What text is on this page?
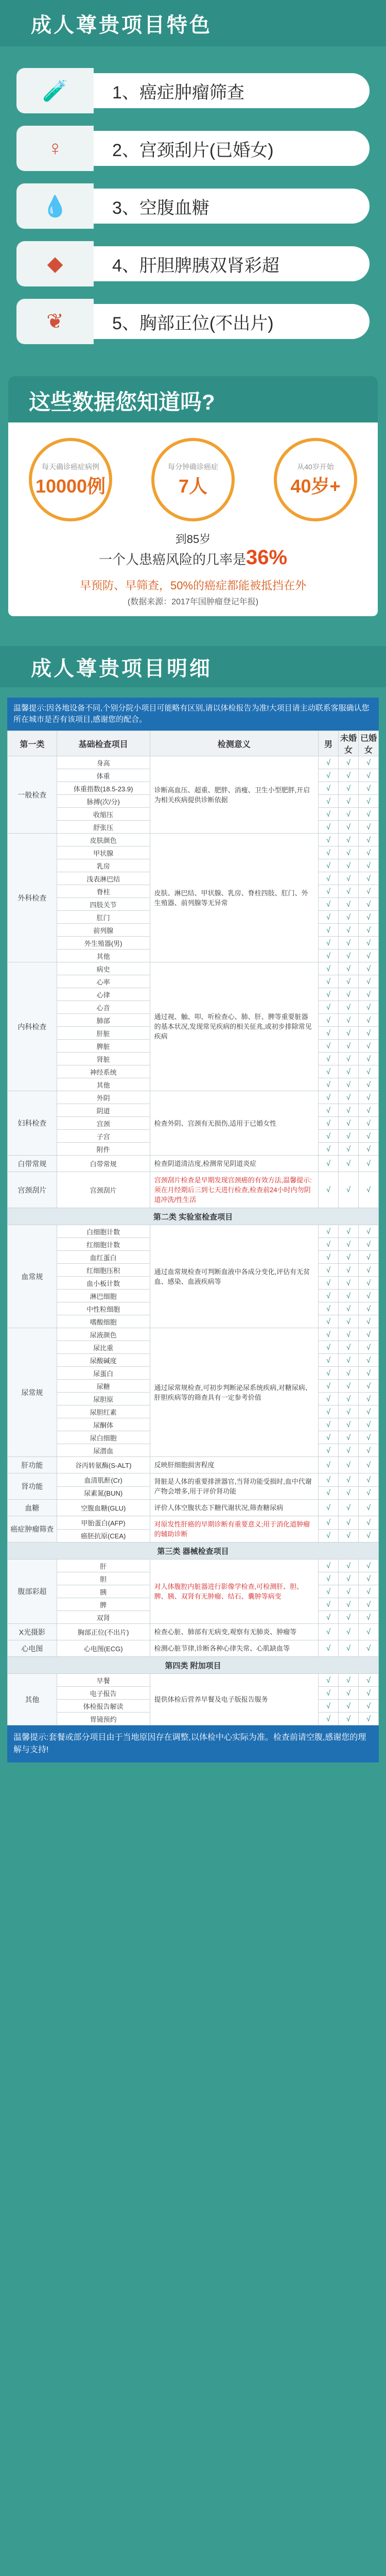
成人尊贵项目特色
🧪	1、癌症肿瘤筛查
♀	2、宫颈刮片(已婚女)
💧	3、空腹血糖
◆	4、肝胆脾胰双肾彩超
❦	5、胸部正位(不出片)
这些数据您知道吗?
每天确诊癌症病例
10000例
每分钟确诊癌症
7人
从40岁开始
40岁+
到85岁
一个人患癌风险的几率是36%
早预防、早筛查，50%的癌症都能被抵挡在外
(数据来源：2017年国肿瘤登记年报)
成人尊贵项目明细
温馨提示:因各地设备不同,个别分院小项目可能略有区别,请以体检报告为准!大项目请主动联系客服确认您所在城市是否有该项目,感谢您的配合。
第一类	基础检查项目	检测意义	男	未婚女	已婚女
一般检查	身高	诊断高血压、超重、肥胖、消瘦、卫生小型肥胖,开启为相关疾病提供诊断依据	√	√	√
	体重		√	√	√
	体重指数(18.5-23.9)		√	√	√
	脉搏(次/分)		√	√	√
	收缩压		√	√	√
	舒张压		√	√	√
外科检查	皮肤颜色	皮肤、淋巴结、甲状腺、乳房、脊柱四肢、肛门、外生殖器、前列腺等无异常	√	√	√
	甲状腺		√	√	√
	乳房		√	√	√
	浅表淋巴结		√	√	√
	脊柱		√	√	√
	四肢关节		√	√	√
	肛门		√	√	√
	前列腺		√	√	√
	外生殖器(男)		√	√	√
	其他		√	√	√
内科检查	病史	通过视、触、叩、听检查心、肺、肝、脾等重要脏器的基本状况,发现常见疾病的相关征兆,或初步排除常见疾病	√	√	√
	心率		√	√	√
	心律		√	√	√
	心音		√	√	√
	肺部		√	√	√
	肝脏		√	√	√
	脾脏		√	√	√
	肾脏		√	√	√
	神经系统		√	√	√
	其他		√	√	√
妇科检查	外阴	检查外阴、宫颈有无损伤,适用于已婚女性	√	√	√
	阴道		√	√	√
	宫颈		√	√	√
	子宫		√	√	√
	附件		√	√	√
白带常规	白带常规	检查阴道清洁度,检测常见阴道炎症	√	√	√
宫颈刮片	宫颈刮片	宫颈刮片检查是早期发现宫颈癌的有效方法,温馨提示:须在月经期后三到七天进行检查,检查前24小时内勿阴道冲洗/性生活	√	√	√
第二类 实验室检查项目					
血常规	白细胞计数	通过血常规检查可判断血液中各成分变化,评估有无贫血、感染、血液疾病等	√	√	√
	红细胞计数		√	√	√
	血红蛋白		√	√	√
	红细胞压积		√	√	√
	血小板计数		√	√	√
	淋巴细胞		√	√	√
	中性粒细胞		√	√	√
	嗜酸细胞		√	√	√
尿常规	尿液颜色	通过尿常规检查,可初步判断泌尿系统疾病,对糖尿病、肝胆疾病等的筛查具有一定参考价值	√	√	√
	尿比重		√	√	√
	尿酸碱度		√	√	√
	尿蛋白		√	√	√
	尿糖		√	√	√
	尿胆原		√	√	√
	尿胆红素		√	√	√
	尿酮体		√	√	√
	尿白细胞		√	√	√
	尿潜血		√	√	√
肝功能	谷丙转氨酶(S-ALT)	反映肝细胞损害程度	√	√	√
肾功能	血清肌酐(Cr)	肾脏是人体的重要排泄器官,当肾功能受损时,血中代谢产物会增多,用于评价肾功能	√	√	√
	尿素氮(BUN)		√	√	√
血糖	空腹血糖(GLU)	评价人体空腹状态下糖代谢状况,筛查糖尿病	√	√	√
癌症肿瘤筛查	甲胎蛋白(AFP)	对原发性肝癌的早期诊断有重要意义;用于消化道肿瘤的辅助诊断	√	√	√
	癌胚抗原(CEA)		√	√	√
第三类 器械检查项目					
腹部彩超	肝	对人体腹腔内脏器进行影像学检查,可检测肝、胆、脾、胰、双肾有无肿瘤、结石、囊肿等病变	√	√	√
	胆		√	√	√
	胰		√	√	√
	脾		√	√	√
	双肾		√	√	√
X光摄影	胸部正位(不出片)	检查心脏、肺部有无病变,观察有无肺炎、肿瘤等	√	√	√
心电图	心电图(ECG)	检测心脏节律,诊断各种心律失常、心肌缺血等	√	√	√
第四类 附加项目					
其他	早餐	提供体检后营养早餐及电子版报告服务	√	√	√
	电子报告		√	√	√
	体检报告解读		√	√	√
	胃镜预约		√	√	√
温馨提示:套餐或部分项目由于当地原因存在调整,以体检中心实际为准。检查前请空腹,感谢您的理解与支持!
